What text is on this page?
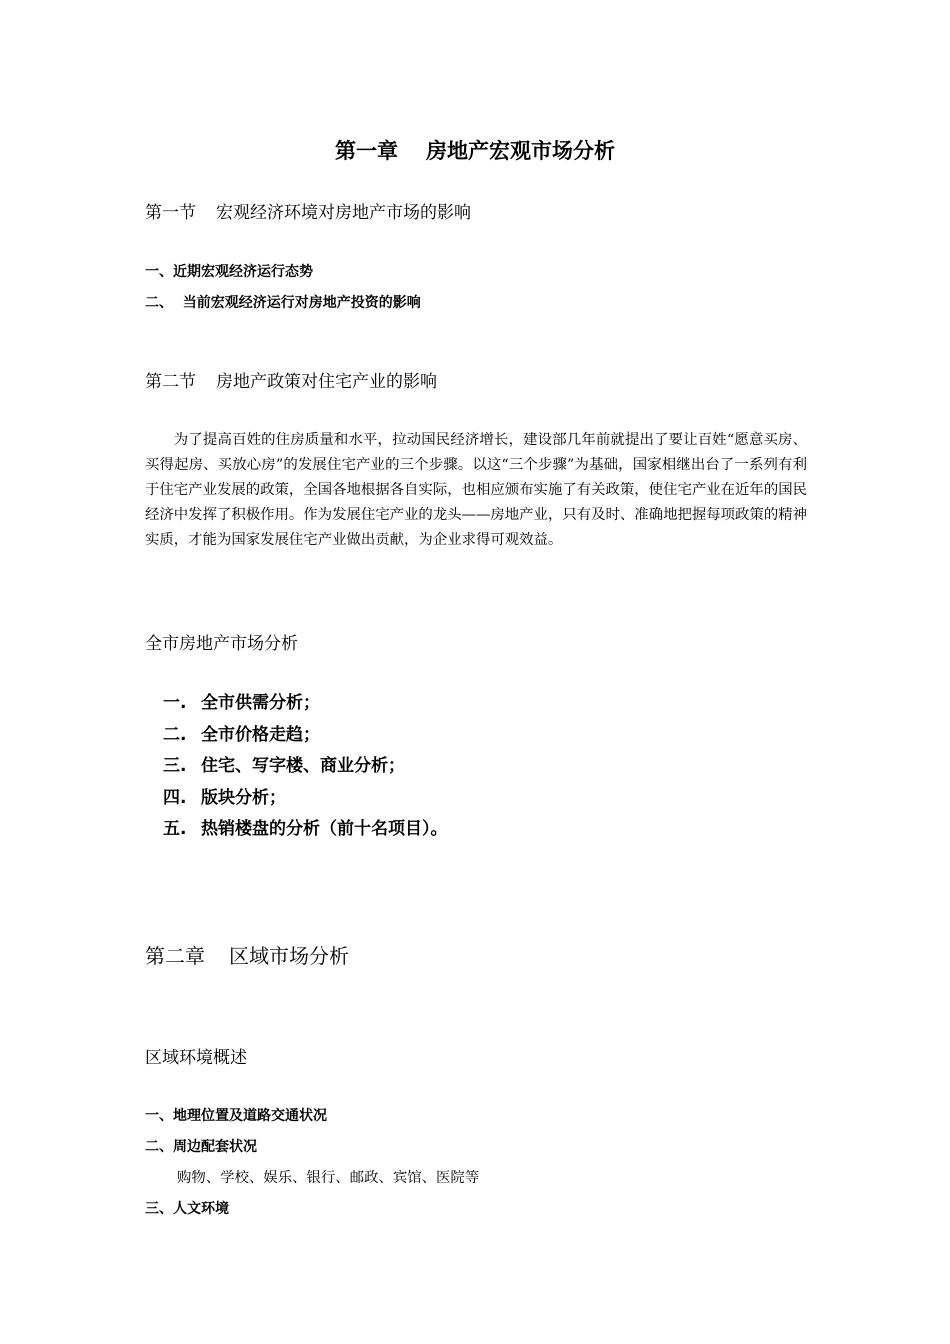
第一章 房地产宏观市场分析
第一节 宏观经济环境对房地产市场的影响
一、近期宏观经济运行态势
二、  当前宏观经济运行对房地产投资的影响
第二节 房地产政策对住宅产业的影响
为了提高百姓的住房质量和水平，拉动国民经济增长，建设部几年前就提出了要让百姓“愿意买房、买得起房、买放心房”的发展住宅产业的三个步骤。以这“三个步骤”为基础，国家相继出台了一系列有利于住宅产业发展的政策，全国各地根据各自实际，也相应颁布实施了有关政策，使住宅产业在近年的国民经济中发挥了积极作用。作为发展住宅产业的龙头——房地产业，只有及时、准确地把握每项政策的精神实质，才能为国家发展住宅产业做出贡献，为企业求得可观效益。
全市房地产市场分析
一. 全市供需分析；
二. 全市价格走趋；
三. 住宅、写字楼、商业分析；
四. 版块分析；
五. 热销楼盘的分析（前十名项目）。
第二章 区域市场分析
区域环境概述
一、地理位置及道路交通状况
二、周边配套状况
购物、学校、娱乐、银行、邮政、宾馆、医院等
三、人文环境
